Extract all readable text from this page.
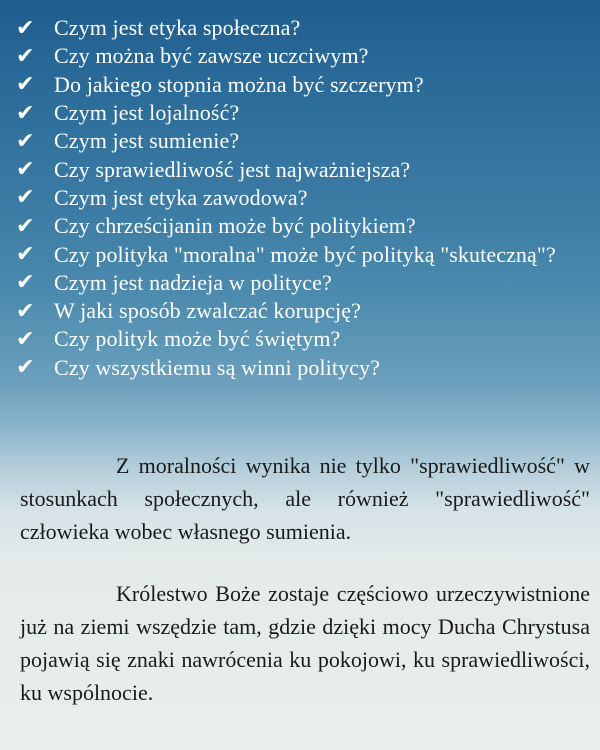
✔ Czym jest etyka społeczna?
✔ Czy można być zawsze uczciwym?
✔ Do jakiego stopnia można być szczerym?
✔ Czym jest lojalność?
✔ Czym jest sumienie?
✔ Czy sprawiedliwość jest najważniejsza?
✔ Czym jest etyka zawodowa?
✔ Czy chrześcijanin może być politykiem?
✔ Czy polityka "moralna" może być polityką "skuteczną"?
✔ Czym jest nadzieja w polityce?
✔ W jaki sposób zwalczać korupcję?
✔ Czy polityk może być świętym?
✔ Czy wszystkiemu są winni politycy?

Z moralności wynika nie tylko "sprawiedliwość" w stosunkach społecznych, ale również "sprawiedliwość" człowieka wobec własnego sumienia.

Królestwo Boże zostaje częściowo urzeczywistnione już na ziemi wszędzie tam, gdzie dzięki mocy Ducha Chrystusa pojawią się znaki nawrócenia ku pokojowi, ku sprawiedliwości, ku wspólnocie.
